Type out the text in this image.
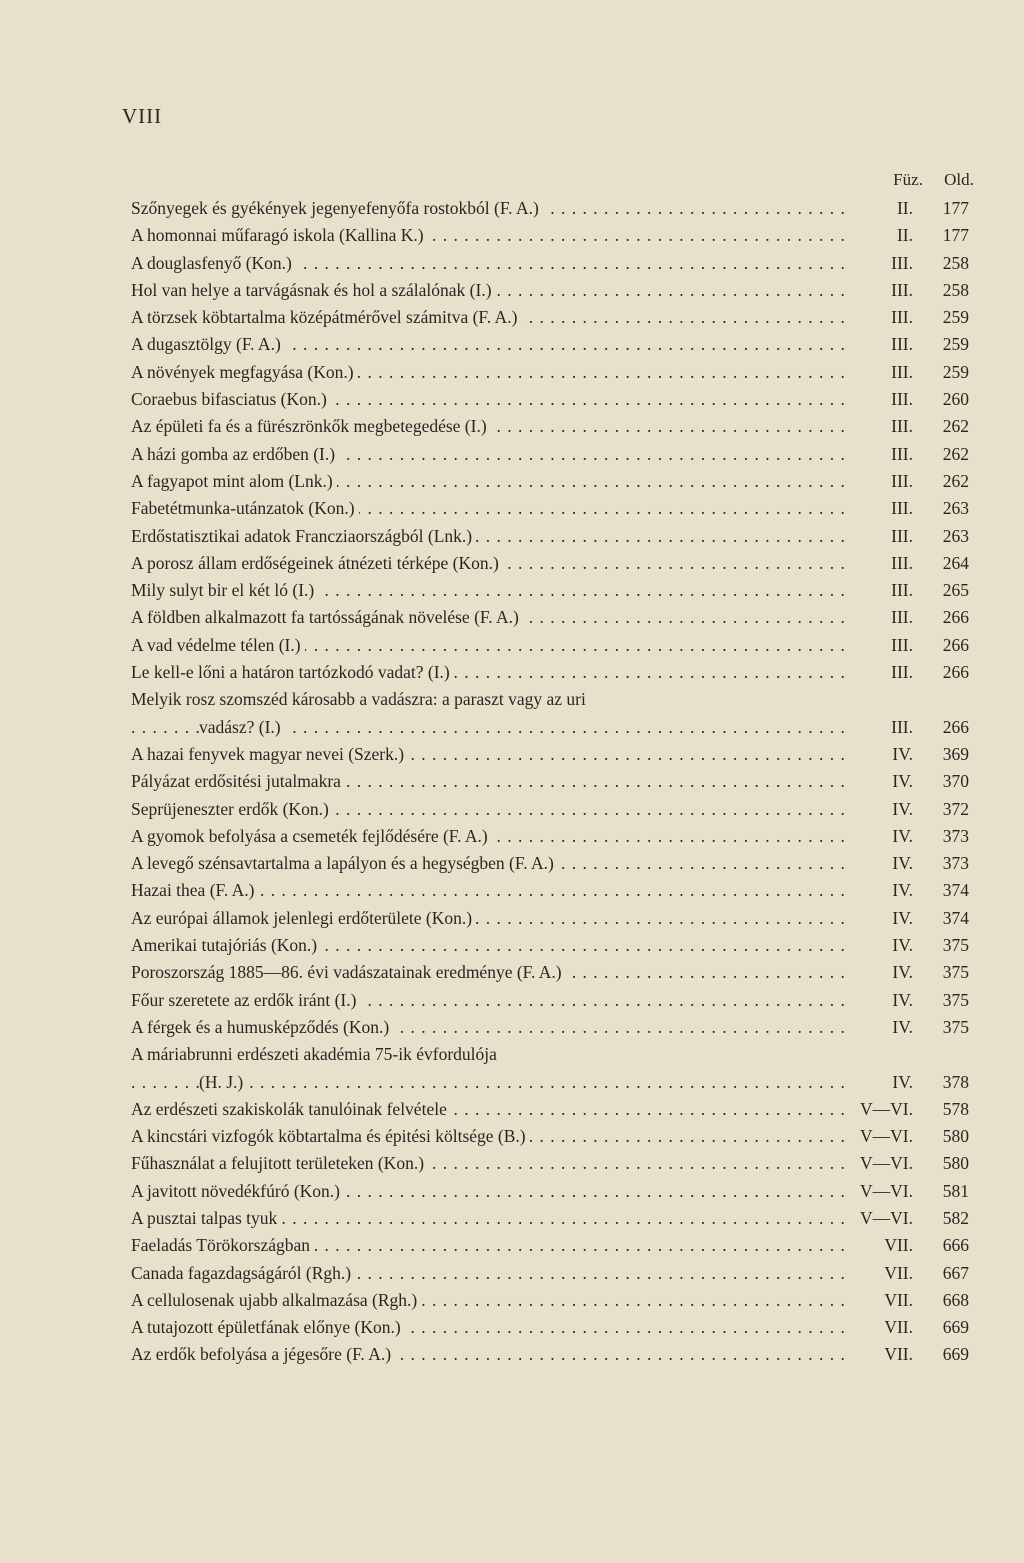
VIII
Füz.	Old.
Szőnyegek és gyékények jegenyefenyőfa rostokból (F. A.) . . .	II.	177
A homonnai műfaragó iskola (Kallina K.) . . .	II.	177
A douglasfenyő (Kon.) . . .	III.	258
Hol van helye a tarvágásnak és hol a szálalónak (I.) . . .	III.	258
A törzsek köbtartalma középátmérővel számitva (F. A.) . . .	III.	259
A dugasztölgy (F. A.) . . .	III.	259
A növények megfagyása (Kon.) . . .	III.	259
Coraebus bifasciatus (Kon.) . . .	III.	260
Az épületi fa és a fürészrönkők megbetegedése (I.) . . .	III.	262
A házi gomba az erdőben (I.) . . .	III.	262
A fagyapot mint alom (Lnk.) . . .	III.	262
Fabetétmunka-utánzatok (Kon.) . . .	III.	263
Erdőstatisztikai adatok Francziaországból (Lnk.) . . .	III.	263
A porosz állam erdőségeinek átnézeti térképe (Kon.) . . .	III.	264
Mily sulyt bir el két ló (I.) . . .	III.	265
A földben alkalmazott fa tartósságának növelése (F. A.) . . .	III.	266
A vad védelme télen (I.) . . .	III.	266
Le kell-e lőni a határon tartózkodó vadat? (I.) . . .	III.	266
Melyik rosz szomszéd károsabb a vadászra: a paraszt vagy az uri
vadász? (I.) . . .	III.	266
A hazai fenyvek magyar nevei (Szerk.) . . .	IV.	369
Pályázat erdősitési jutalmakra . . .	IV.	370
Seprüjeneszter erdők (Kon.) . . .	IV.	372
A gyomok befolyása a csemeték fejlődésére (F. A.) . . .	IV.	373
A levegő szénsavtartalma a lapályon és a hegységben (F. A.) . . .	IV.	373
Hazai thea (F. A.) . . .	IV.	374
Az európai államok jelenlegi erdőterülete (Kon.) . . .	IV.	374
Amerikai tutajóriás (Kon.) . . .	IV.	375
Poroszország 1885—86. évi vadászatainak eredménye (F. A.) . . .	IV.	375
Főur szeretete az erdők iránt (I.) . . .	IV.	375
A férgek és a humusképződés (Kon.) . . .	IV.	375
A máriabrunni erdészeti akadémia 75-ik évfordulója
(H. J.) . . .	IV.	378
Az erdészeti szakiskolák tanulóinak felvétele . . .	V—VI.	578
A kincstári vizfogók köbtartalma és épitési költsége (B.) . . .	V—VI.	580
Fűhasználat a felujitott területeken (Kon.) . . .	V—VI.	580
A javitott növedékfúró (Kon.) . . .	V—VI.	581
A pusztai talpas tyuk . . .	V—VI.	582
Faeladás Törökországban . . .	VII.	666
Canada fagazdagságáról (Rgh.) . . .	VII.	667
A cellulosenak ujabb alkalmazása (Rgh.) . . .	VII.	668
A tutajozott épületfának előnye (Kon.) . . .	VII.	669
Az erdők befolyása a jégesőre (F. A.) . . .	VII.	669
